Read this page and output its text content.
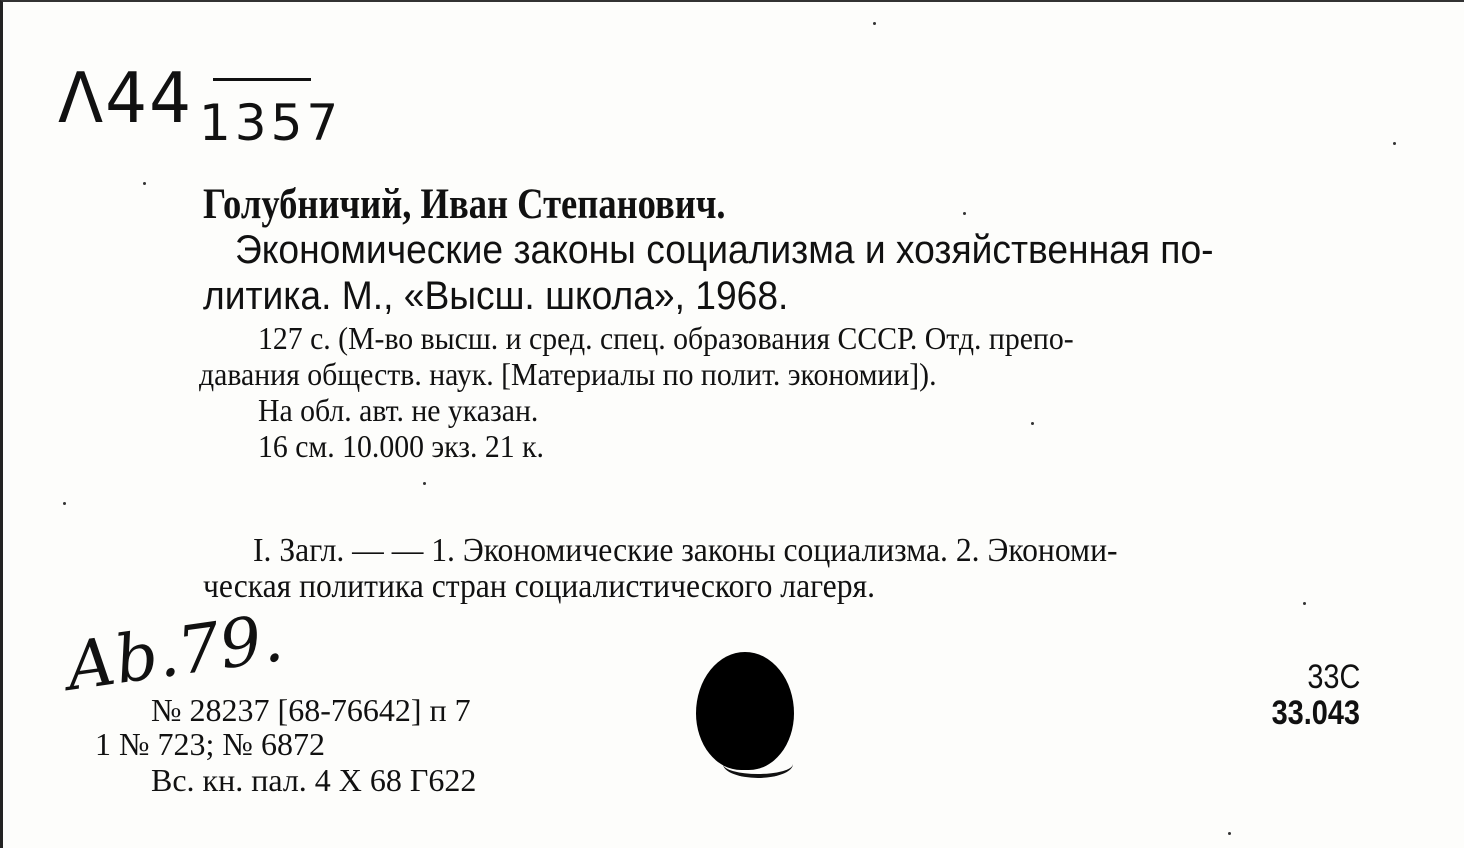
Λ44 1357
Голубничий, Иван Степанович.
Экономические законы социализма и хозяйственная по-
литика. М., «Высш. школа», 1968.
127 с. (М-во высш. и сред. спец. образования СССР. Отд. препо-
давания обществ. наук. [Материалы по полит. экономии]).
На обл. авт. не указан.
16 см. 10.000 экз. 21 к.
I. Загл. — — 1. Экономические законы социализма. 2. Экономи-
ческая политика стран социалистического лагеря.
Аb.79.
№ 28237 [68-76642] п 7
1 № 723; № 6872
Вс. кн. пал. 4 Х 68 Г622
33С
33.043
